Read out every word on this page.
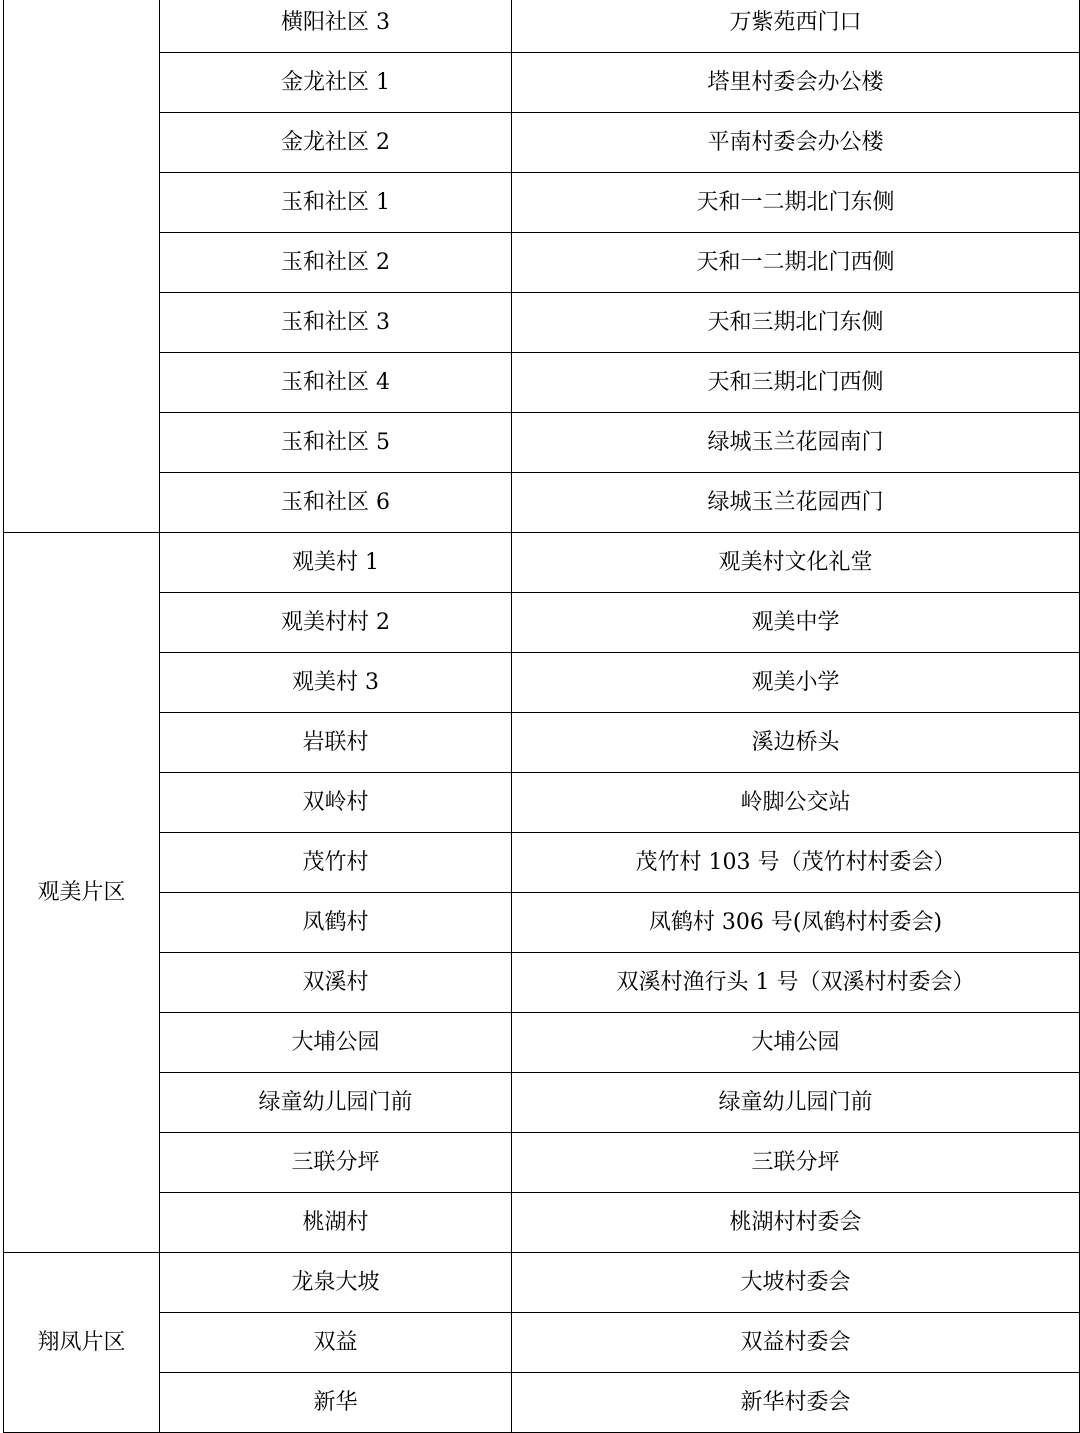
	横阳社区 3	万紫苑西门口
	金龙社区 1	塔里村委会办公楼
	金龙社区 2	平南村委会办公楼
	玉和社区 1	天和一二期北门东侧
	玉和社区 2	天和一二期北门西侧
	玉和社区 3	天和三期北门东侧
	玉和社区 4	天和三期北门西侧
	玉和社区 5	绿城玉兰花园南门
	玉和社区 6	绿城玉兰花园西门
观美片区	观美村 1	观美村文化礼堂
	观美村村 2	观美中学
	观美村 3	观美小学
	岩联村	溪边桥头
	双岭村	岭脚公交站
	茂竹村	茂竹村 103 号（茂竹村村委会）
	凤鹤村	凤鹤村 306 号(凤鹤村村委会)
	双溪村	双溪村渔行头 1 号（双溪村村委会）
	大埔公园	大埔公园
	绿童幼儿园门前	绿童幼儿园门前
	三联分坪	三联分坪
	桃湖村	桃湖村村委会
翔凤片区	龙泉大坡	大坡村委会
	双益	双益村委会
	新华	新华村委会
